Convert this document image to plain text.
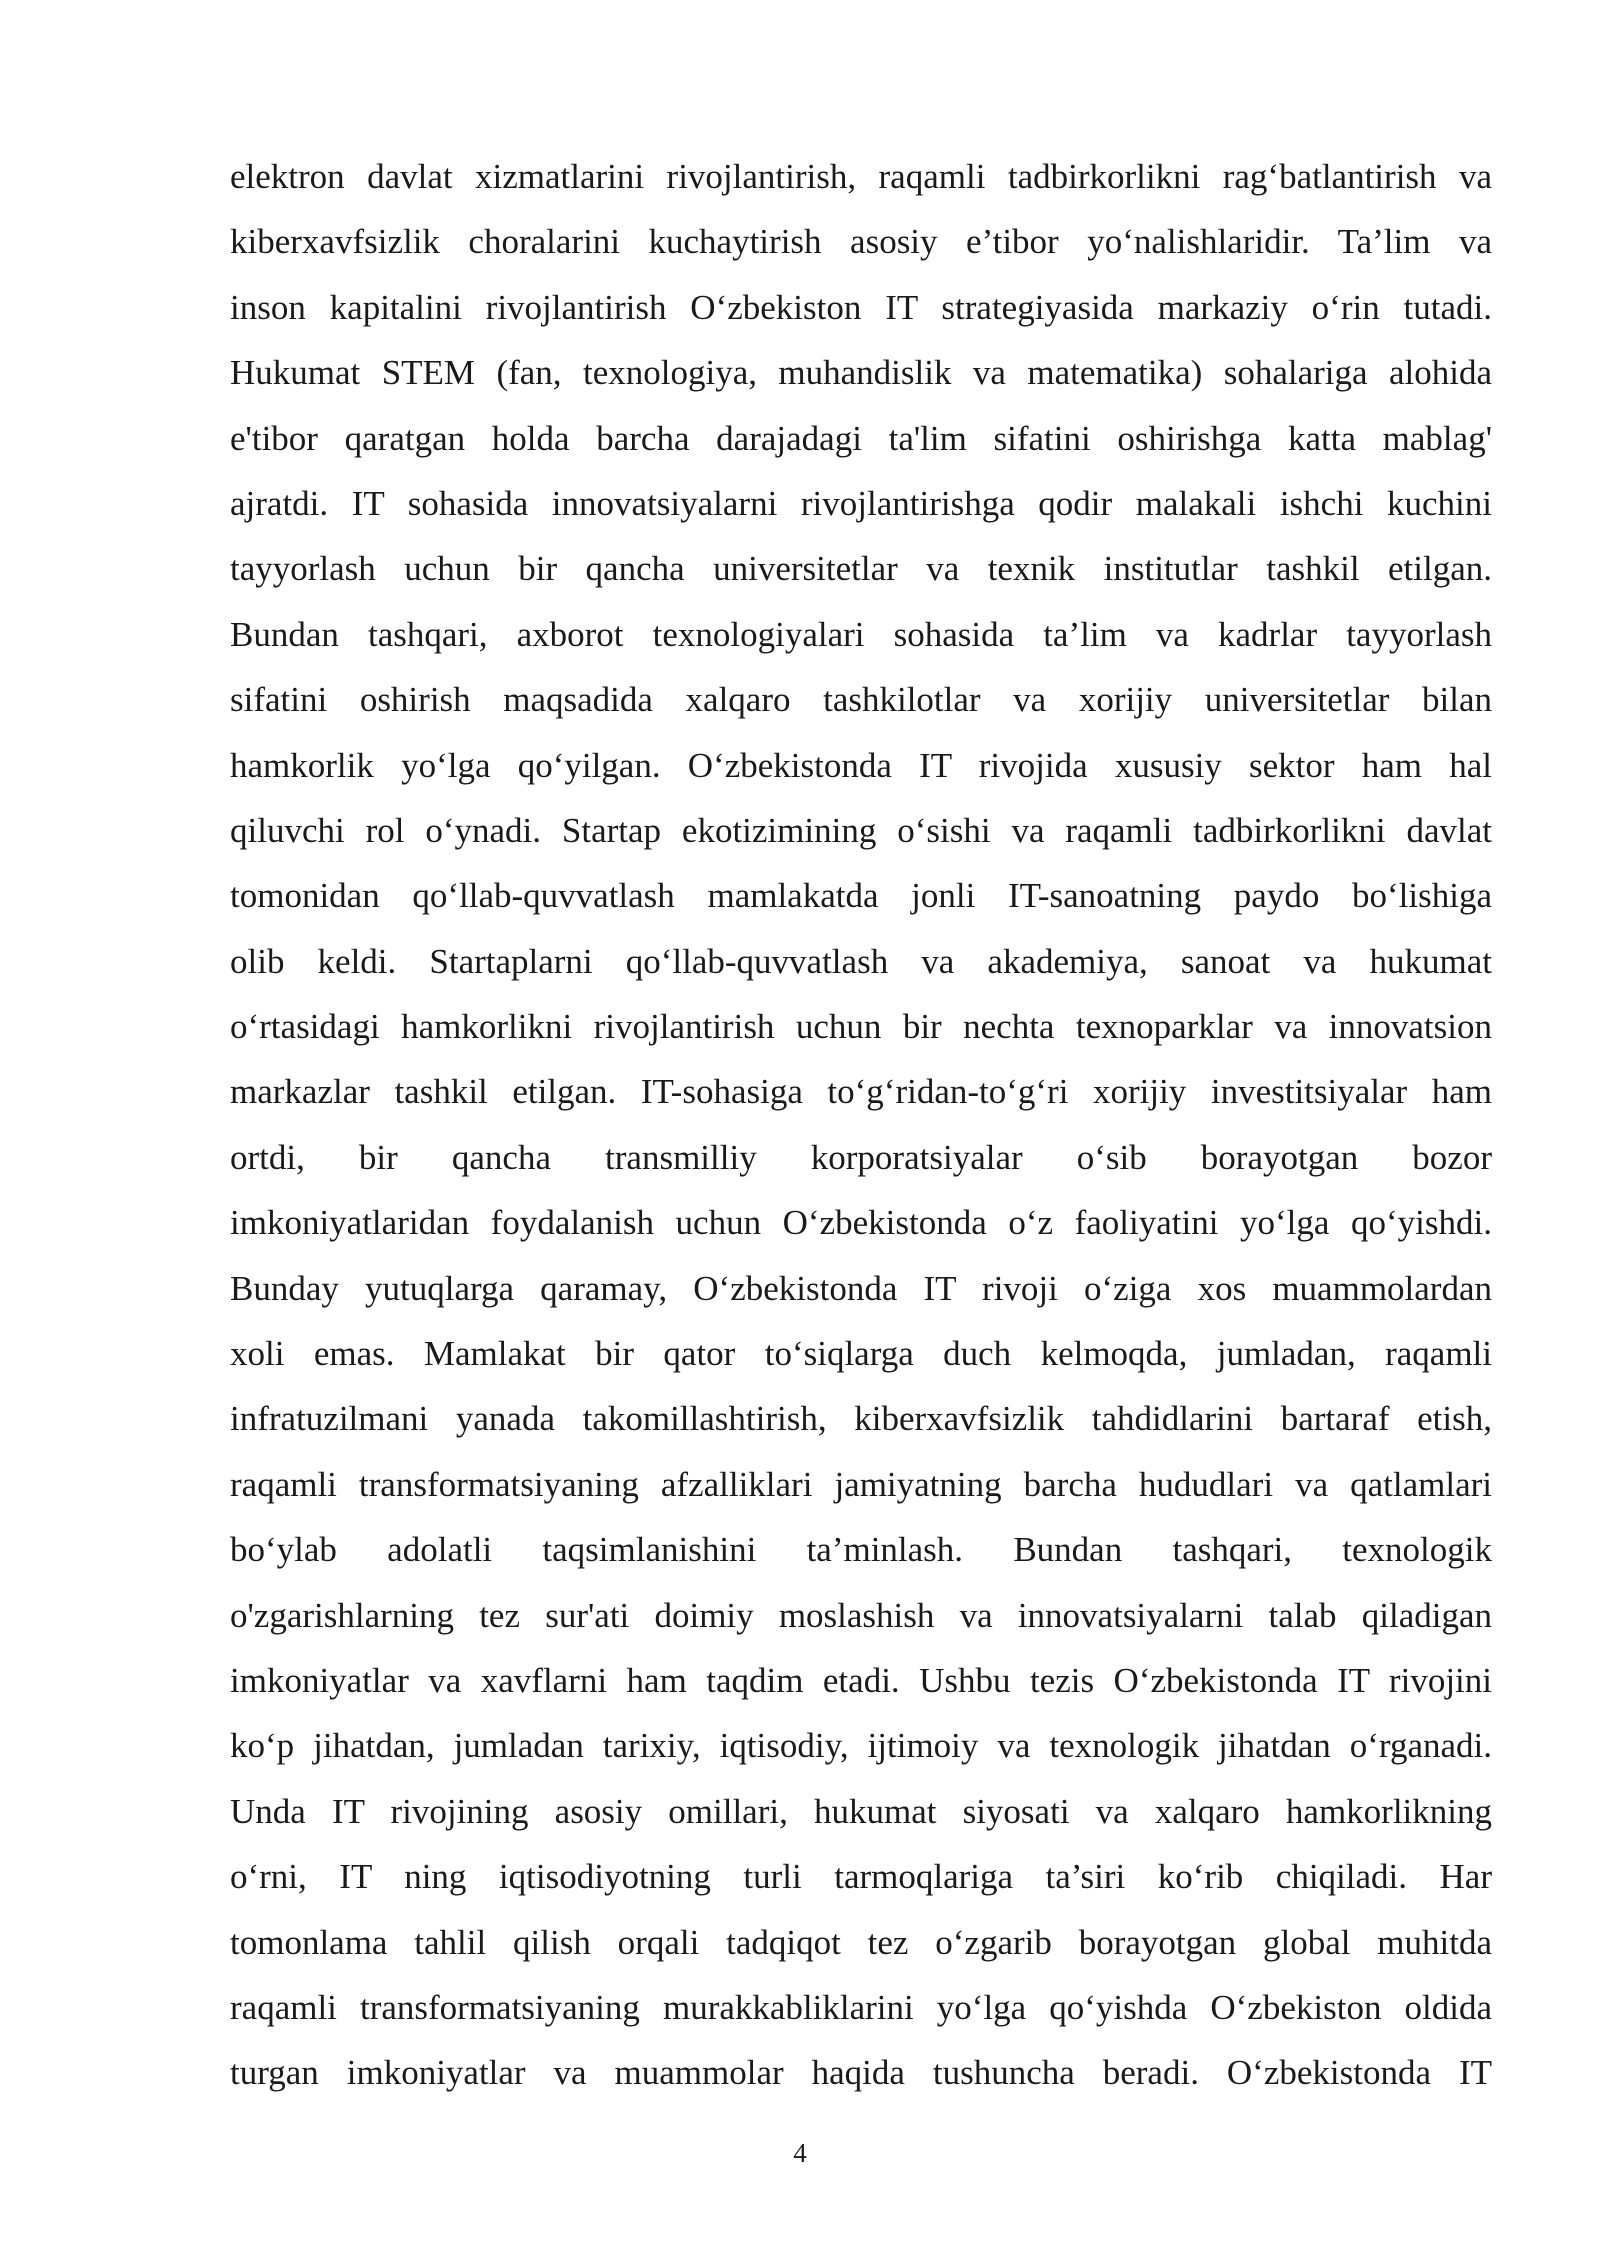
elektron davlat xizmatlarini rivojlantirish, raqamli tadbirkorlikni rag‘batlantirish va
kiberxavfsizlik choralarini kuchaytirish asosiy e’tibor yo‘nalishlaridir. Ta’lim va
inson kapitalini rivojlantirish O‘zbekiston IT strategiyasida markaziy o‘rin tutadi.
Hukumat STEM (fan, texnologiya, muhandislik va matematika) sohalariga alohida
e'tibor qaratgan holda barcha darajadagi ta'lim sifatini oshirishga katta mablag'
ajratdi. IT sohasida innovatsiyalarni rivojlantirishga qodir malakali ishchi kuchini
tayyorlash uchun bir qancha universitetlar va texnik institutlar tashkil etilgan.
Bundan tashqari, axborot texnologiyalari sohasida ta’lim va kadrlar tayyorlash
sifatini oshirish maqsadida xalqaro tashkilotlar va xorijiy universitetlar bilan
hamkorlik yo‘lga qo‘yilgan. O‘zbekistonda IT rivojida xususiy sektor ham hal
qiluvchi rol o‘ynadi. Startap ekotizimining o‘sishi va raqamli tadbirkorlikni davlat
tomonidan qo‘llab-quvvatlash mamlakatda jonli IT-sanoatning paydo bo‘lishiga
olib keldi. Startaplarni qo‘llab-quvvatlash va akademiya, sanoat va hukumat
o‘rtasidagi hamkorlikni rivojlantirish uchun bir nechta texnoparklar va innovatsion
markazlar tashkil etilgan. IT-sohasiga to‘g‘ridan-to‘g‘ri xorijiy investitsiyalar ham
ortdi, bir qancha transmilliy korporatsiyalar o‘sib borayotgan bozor
imkoniyatlaridan foydalanish uchun O‘zbekistonda o‘z faoliyatini yo‘lga qo‘yishdi.
Bunday yutuqlarga qaramay, O‘zbekistonda IT rivoji o‘ziga xos muammolardan
xoli emas. Mamlakat bir qator to‘siqlarga duch kelmoqda, jumladan, raqamli
infratuzilmani yanada takomillashtirish, kiberxavfsizlik tahdidlarini bartaraf etish,
raqamli transformatsiyaning afzalliklari jamiyatning barcha hududlari va qatlamlari
bo‘ylab adolatli taqsimlanishini ta’minlash. Bundan tashqari, texnologik
o'zgarishlarning tez sur'ati doimiy moslashish va innovatsiyalarni talab qiladigan
imkoniyatlar va xavflarni ham taqdim etadi. Ushbu tezis O‘zbekistonda IT rivojini
ko‘p jihatdan, jumladan tarixiy, iqtisodiy, ijtimoiy va texnologik jihatdan o‘rganadi.
Unda IT rivojining asosiy omillari, hukumat siyosati va xalqaro hamkorlikning
o‘rni, IT ning iqtisodiyotning turli tarmoqlariga ta’siri ko‘rib chiqiladi. Har
tomonlama tahlil qilish orqali tadqiqot tez o‘zgarib borayotgan global muhitda
raqamli transformatsiyaning murakkabliklarini yo‘lga qo‘yishda O‘zbekiston oldida
turgan imkoniyatlar va muammolar haqida tushuncha beradi. O‘zbekistonda IT
4
